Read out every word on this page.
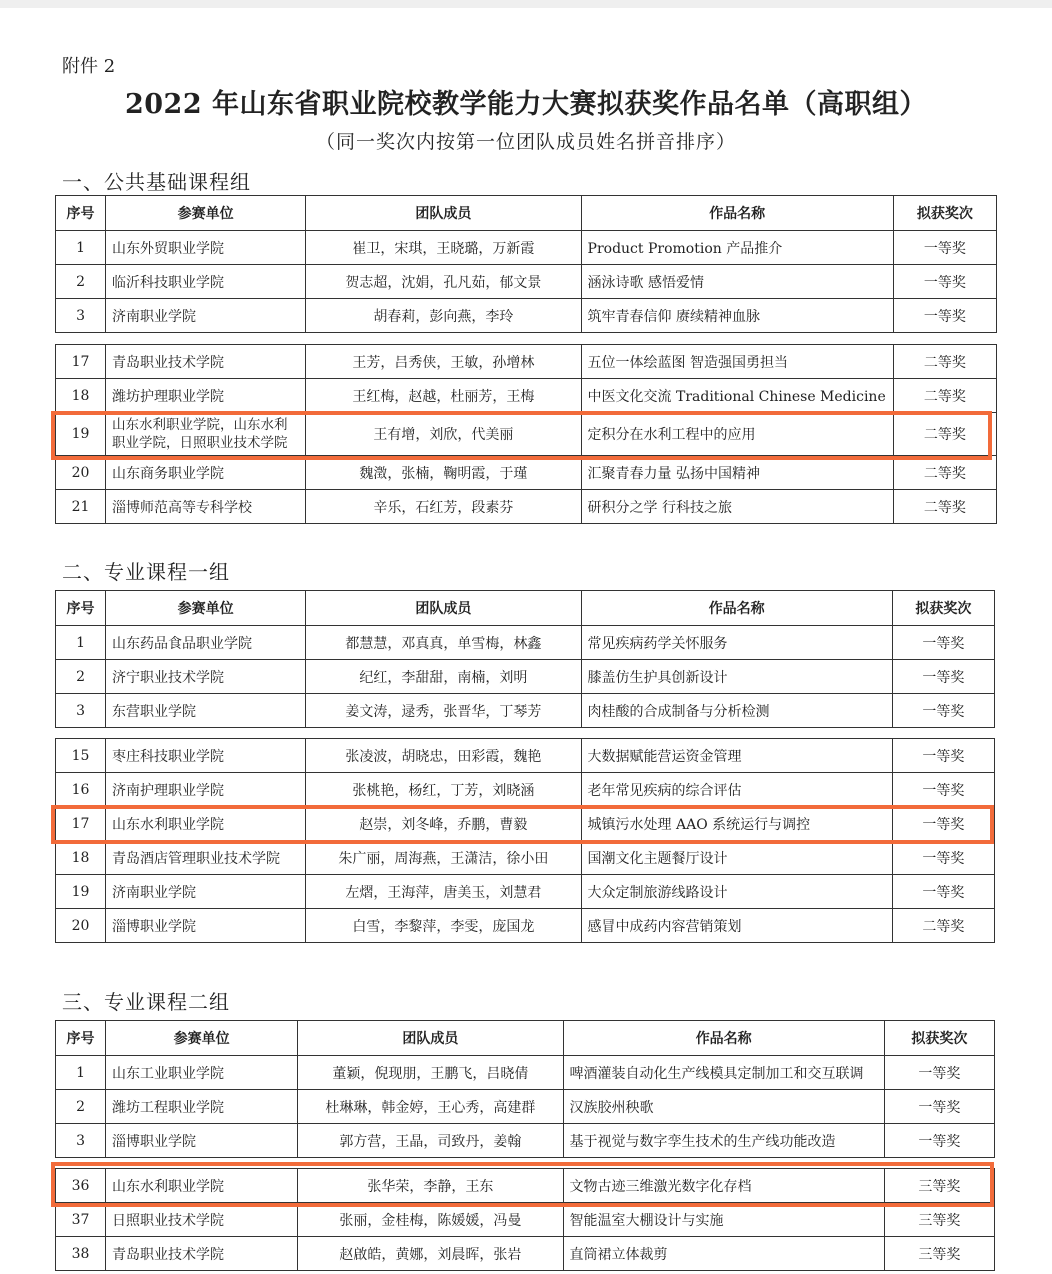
附件 2
2022 年山东省职业院校教学能力大赛拟获奖作品名单（高职组）
（同一奖次内按第一位团队成员姓名拼音排序）
一、公共基础课程组
序号	参赛单位	团队成员	作品名称	拟获奖次
1	山东外贸职业学院	崔卫，宋琪，王晓璐，万新霞	Product Promotion 产品推介	一等奖
2	临沂科技职业学院	贺志超，沈娟，孔凡茹，郁文景	涵泳诗歌 感悟爱情	一等奖
3	济南职业学院	胡春莉，彭向燕，李玲	筑牢青春信仰 赓续精神血脉	一等奖
17	青岛职业技术学院	王芳，吕秀侠，王敏，孙增林	五位一体绘蓝图 智造强国勇担当	二等奖
18	潍坊护理职业学院	王红梅，赵越，杜丽芳，王梅	中医文化交流 Traditional Chinese Medicine	二等奖
19	山东水利职业学院，山东水利职业学院，日照职业技术学院	王有增，刘欣，代美丽	定积分在水利工程中的应用	二等奖
20	山东商务职业学院	魏澂，张楠，鞠明霞，于瑾	汇聚青春力量 弘扬中国精神	二等奖
21	淄博师范高等专科学校	辛乐，石红芳，段素芬	研积分之学 行科技之旅	二等奖
二、专业课程一组
序号	参赛单位	团队成员	作品名称	拟获奖次
1	山东药品食品职业学院	都慧慧，邓真真，单雪梅，林鑫	常见疾病药学关怀服务	一等奖
2	济宁职业技术学院	纪红，李甜甜，南楠，刘明	膝盖仿生护具创新设计	一等奖
3	东营职业学院	姜文涛，逯秀，张晋华，丁琴芳	肉桂酸的合成制备与分析检测	一等奖
15	枣庄科技职业学院	张凌波，胡晓忠，田彩霞，魏艳	大数据赋能营运资金管理	一等奖
16	济南护理职业学院	张桃艳，杨红，丁芳，刘晓涵	老年常见疾病的综合评估	一等奖
17	山东水利职业学院	赵崇，刘冬峰，乔鹏，曹毅	城镇污水处理 AAO 系统运行与调控	一等奖
18	青岛酒店管理职业技术学院	朱广丽，周海燕，王潇洁，徐小田	国潮文化主题餐厅设计	一等奖
19	济南职业学院	左熠，王海萍，唐美玉，刘慧君	大众定制旅游线路设计	一等奖
20	淄博职业学院	白雪，李黎萍，李雯，庞国龙	感冒中成药内容营销策划	二等奖
三、专业课程二组
序号	参赛单位	团队成员	作品名称	拟获奖次
1	山东工业职业学院	董颖，倪现朋，王鹏飞，吕晓倩	啤酒灌装自动化生产线模具定制加工和交互联调	一等奖
2	潍坊工程职业学院	杜琳琳，韩金婷，王心秀，高建群	汉族胶州秧歌	一等奖
3	淄博职业学院	郭方营，王晶，司致丹，姜翰	基于视觉与数字孪生技术的生产线功能改造	一等奖
36	山东水利职业学院	张华荣，李静，王东	文物古迹三维激光数字化存档	三等奖
37	日照职业技术学院	张丽，金桂梅，陈媛媛，冯曼	智能温室大棚设计与实施	三等奖
38	青岛职业技术学院	赵啟皓，黄娜，刘晨晖，张岩	直筒裙立体裁剪	三等奖
